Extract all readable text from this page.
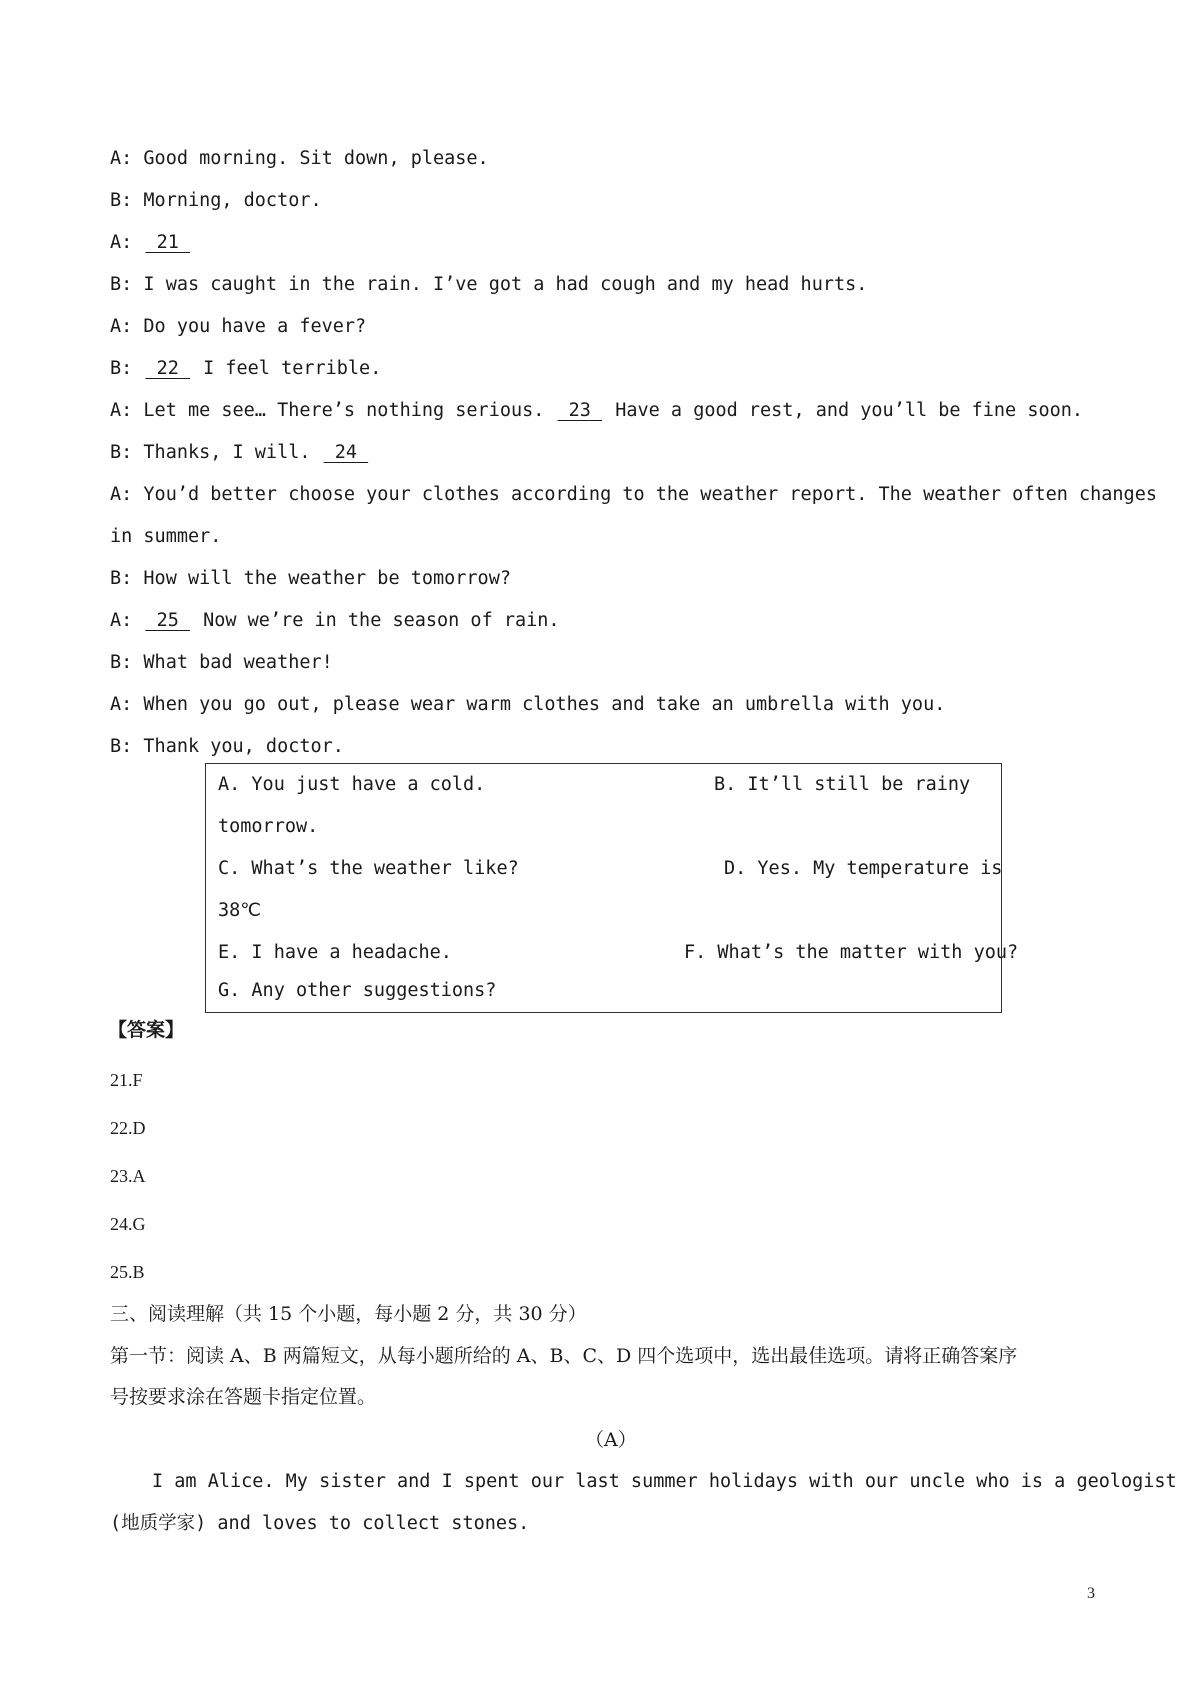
A: Good morning. Sit down, please.
B: Morning, doctor.
A:  21
B: I was caught in the rain. I’ve got a had cough and my head hurts.
A: Do you have a fever?
B:  22  I feel terrible.
A: Let me see… There’s nothing serious.  23  Have a good rest, and you’ll be fine soon.
B: Thanks, I will.  24
A: You’d better choose your clothes according to the weather report. The weather often changes
in summer.
B: How will the weather be tomorrow?
A:  25  Now we’re in the season of rain.
B: What bad weather!
A: When you go out, please wear warm clothes and take an umbrella with you.
B: Thank you, doctor.
A. You just have a cold.	B. It’ll still be rainy
tomorrow.
C. What’s the weather like?	D. Yes. My temperature is
38℃
E. I have a headache.	F. What’s the matter with you?
G. Any other suggestions?
【答案】
21.F
22.D
23.A
24.G
25.B
三、阅读理解（共 15 个小题，每小题 2 分，共 30 分）
第一节：阅读 A、B 两篇短文，从每小题所给的 A、B、C、D 四个选项中，选出最佳选项。请将正确答案序
号按要求涂在答题卡指定位置。
（A）
I am Alice. My sister and I spent our last summer holidays with our uncle who is a geologist
(地质学家) and loves to collect stones.
3
